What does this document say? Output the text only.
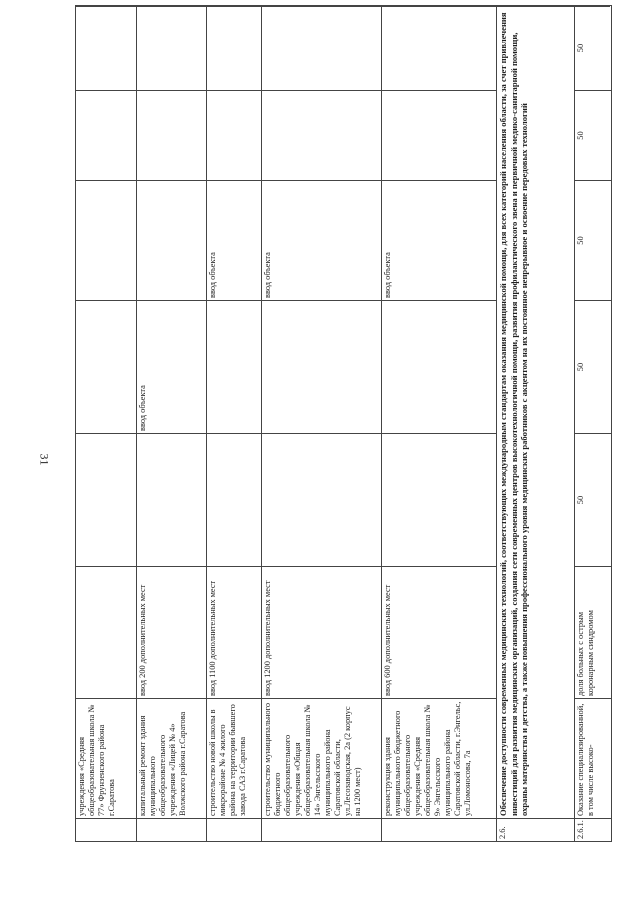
31
учреждения «Средняя общеобразовательная школа № 77» Фрунзенского района г.Саратова	капитальный ремонт здания муниципального общеобразовательного учреждения «Лицей № 4» Волжского района г.Саратова
ввод 200 дополнительных мест
ввод объекта
строительство новой школы в микрорайоне № 4 жилого района на территории бывшего завода САЗ г.Саратова
ввод 1100 дополнительных мест
ввод объекта
строительство муниципального бюджетного общеобразовательного учреждения «Общая общеобразовательная школа № 14» Энгельсского муниципального района Саратовской области, ул.Лесозаводская, 2а (2 корпус на 1200 мест)
ввод 1200 дополнительных мест
ввод объекта
реконструкция здания муниципального бюджетного общеобразовательного учреждения «Средняя общеобразовательная школа № 9» Энгельсского муниципального района Саратовской области, г.Энгельс, ул.Ломоносова, 7а
ввод 600 дополнительных мест
ввод объекта
2.6.
Обеспечение доступности современных медицинских технологий, соответствующих международным стандартам оказания медицинской помощи, для всех категорий населения области, за счет привлечения инвестиций для развития медицинских организаций, создания сети современных центров высокотехнологичной помощи, развития профилактического звена и первичной медико-санитарной помощи, охраны материнства и детства, а также повышения профессионального уровня медицинских работников с акцентом на их постоянное непрерывное и освоение передовых технологий
2.6.1.
Оказание специализированной, в том числе высоко-
доля больных с острым коронарным синдромом
50
50
50
50
50
